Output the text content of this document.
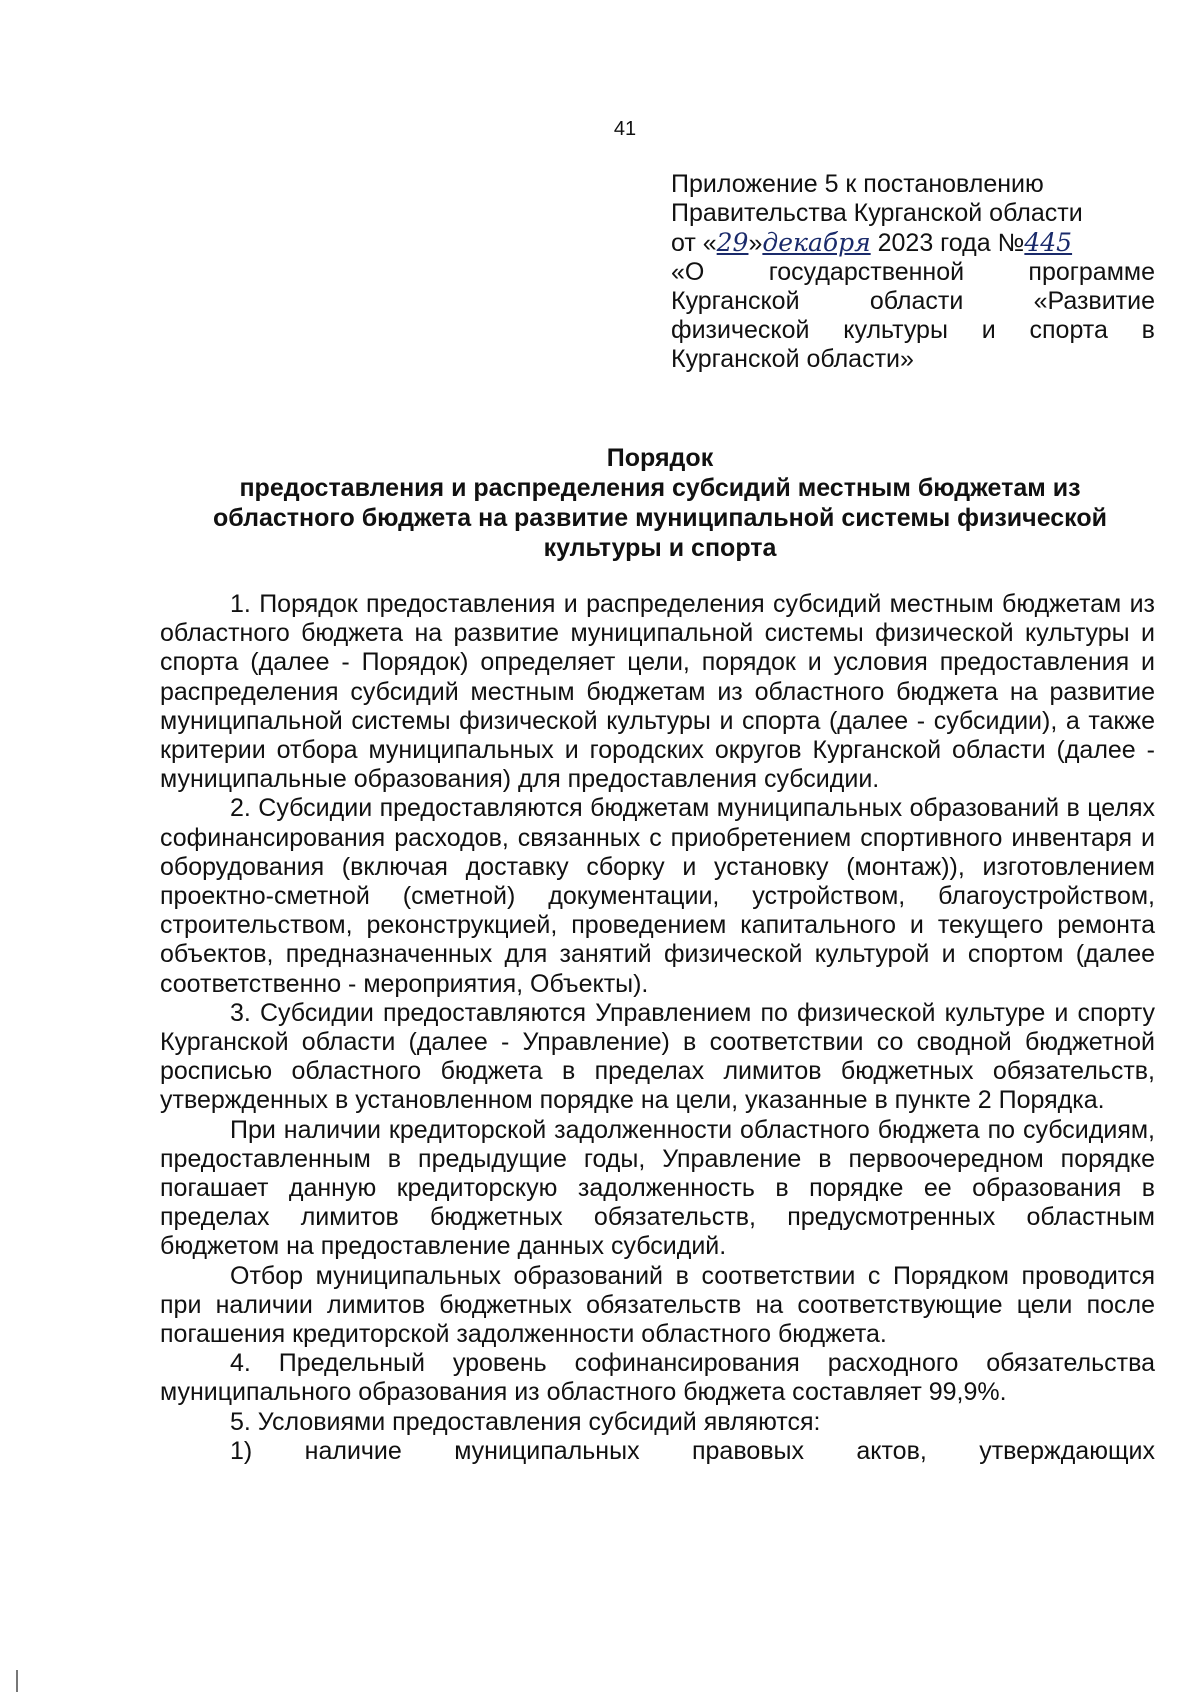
41
Приложение 5 к постановлению
Правительства Курганской области
от «29»декабря 2023 года №445
«О	государственной	программе
Курганской	области	«Развитие
физической культуры и спорта в
Курганской области»
Порядок
предоставления и распределения субсидий местным бюджетам из
областного бюджета на развитие муниципальной системы физической
культуры и спорта

1. Порядок предоставления и распределения субсидий местным бюджетам из областного бюджета на развитие муниципальной системы физической культуры и спорта (далее - Порядок) определяет цели, порядок и условия предоставления и распределения субсидий местным бюджетам из областного бюджета на развитие муниципальной системы физической культуры и спорта (далее - субсидии), а также критерии отбора муниципальных и городских округов Курганской области (далее - муниципальные образования) для предоставления субсидии.

2. Субсидии предоставляются бюджетам муниципальных образований в целях софинансирования расходов, связанных с приобретением спортивного инвентаря и оборудования (включая доставку сборку и установку (монтаж)), изготовлением проектно-сметной (сметной) документации, устройством, благоустройством, строительством, реконструкцией, проведением капитального и текущего ремонта объектов, предназначенных для занятий физической культурой и спортом (далее соответственно - мероприятия, Объекты).

3. Субсидии предоставляются Управлением по физической культуре и спорту Курганской области (далее - Управление) в соответствии со сводной бюджетной росписью областного бюджета в пределах лимитов бюджетных обязательств, утвержденных в установленном порядке на цели, указанные в пункте 2 Порядка.

При наличии кредиторской задолженности областного бюджета по субсидиям, предоставленным в предыдущие годы, Управление в первоочередном порядке погашает данную кредиторскую задолженность в порядке ее образования в пределах лимитов бюджетных обязательств, предусмотренных областным бюджетом на предоставление данных субсидий.

Отбор муниципальных образований в соответствии с Порядком проводится при наличии лимитов бюджетных обязательств на соответствующие цели после погашения кредиторской задолженности областного бюджета.

4. Предельный уровень софинансирования расходного обязательства муниципального образования из областного бюджета составляет 99,9%.

5. Условиями предоставления субсидий являются:

1) наличие муниципальных правовых актов, утверждающих
